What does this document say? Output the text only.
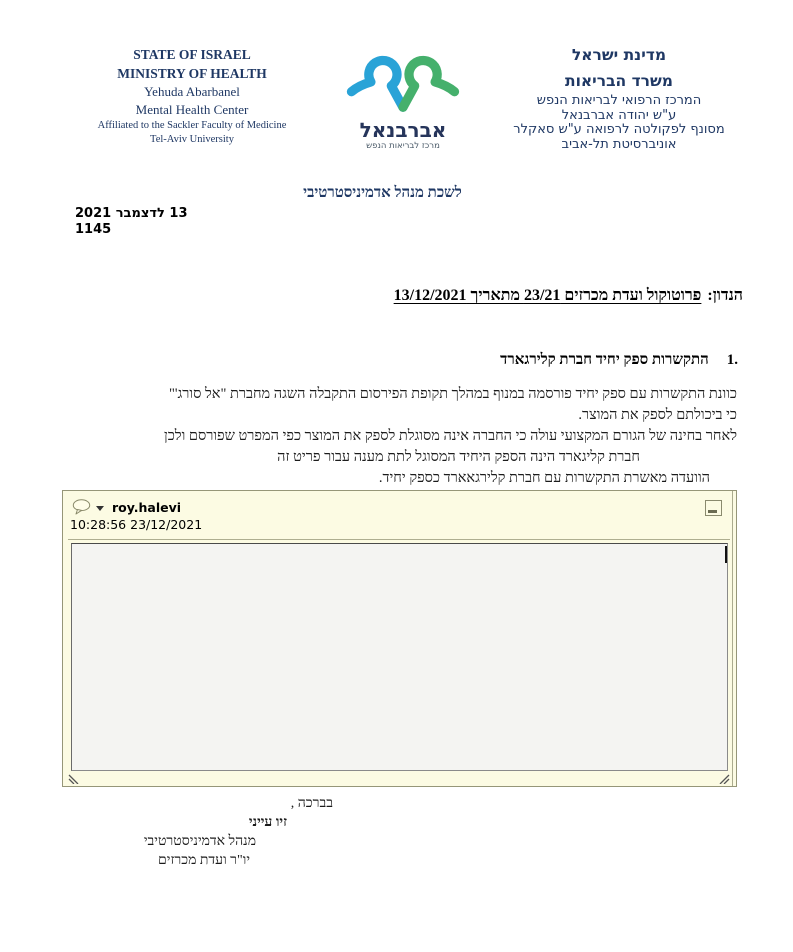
STATE OF ISRAEL
MINISTRY OF HEALTH
Yehuda Abarbanel
Mental Health Center
Affiliated to the Sackler Faculty of Medicine
Tel-Aviv University	אברבנאל
מרכז לבריאות הנפש
מדינת ישראל
משרד הבריאות
המרכז הרפואי לבריאות הנפש
ע"ש יהודה אברבנאל
מסונף לפקולטה לרפואה ע"ש סאקלר
אוניברסיטת תל-אביב
לשכת מנהל אדמיניסטרטיבי
13 לדצמבר 2021
1145
הנדון:
פרוטוקול ועדת מכרזים 23/21 מתאריך 13/12/2021
1.
התקשרות ספק יחיד חברת קלירגארד
כוונת התקשרות עם ספק יחיד פורסמה במנוף במהלך תקופת הפירסום התקבלה השגה מחברת "אל סורג'"
כי ביכולתם לספק את המוצר.
לאחר בחינה של הגורם המקצועי עולה כי החברה אינה מסוגלת לספק את המוצר כפי המפרט שפורסם ולכן
חברת קליגארד הינה הספק היחיד המסוגל לתת מענה עבור פריט זה
הוועדה מאשרת התקשרות עם חברת קלירגאארד כספק יחיד.
roy.halevi
10:28:56 23/12/2021
בברכה ,
זיו עייני
מנהל אדמיניסטרטיבי
יו"ר ועדת מכרזים
